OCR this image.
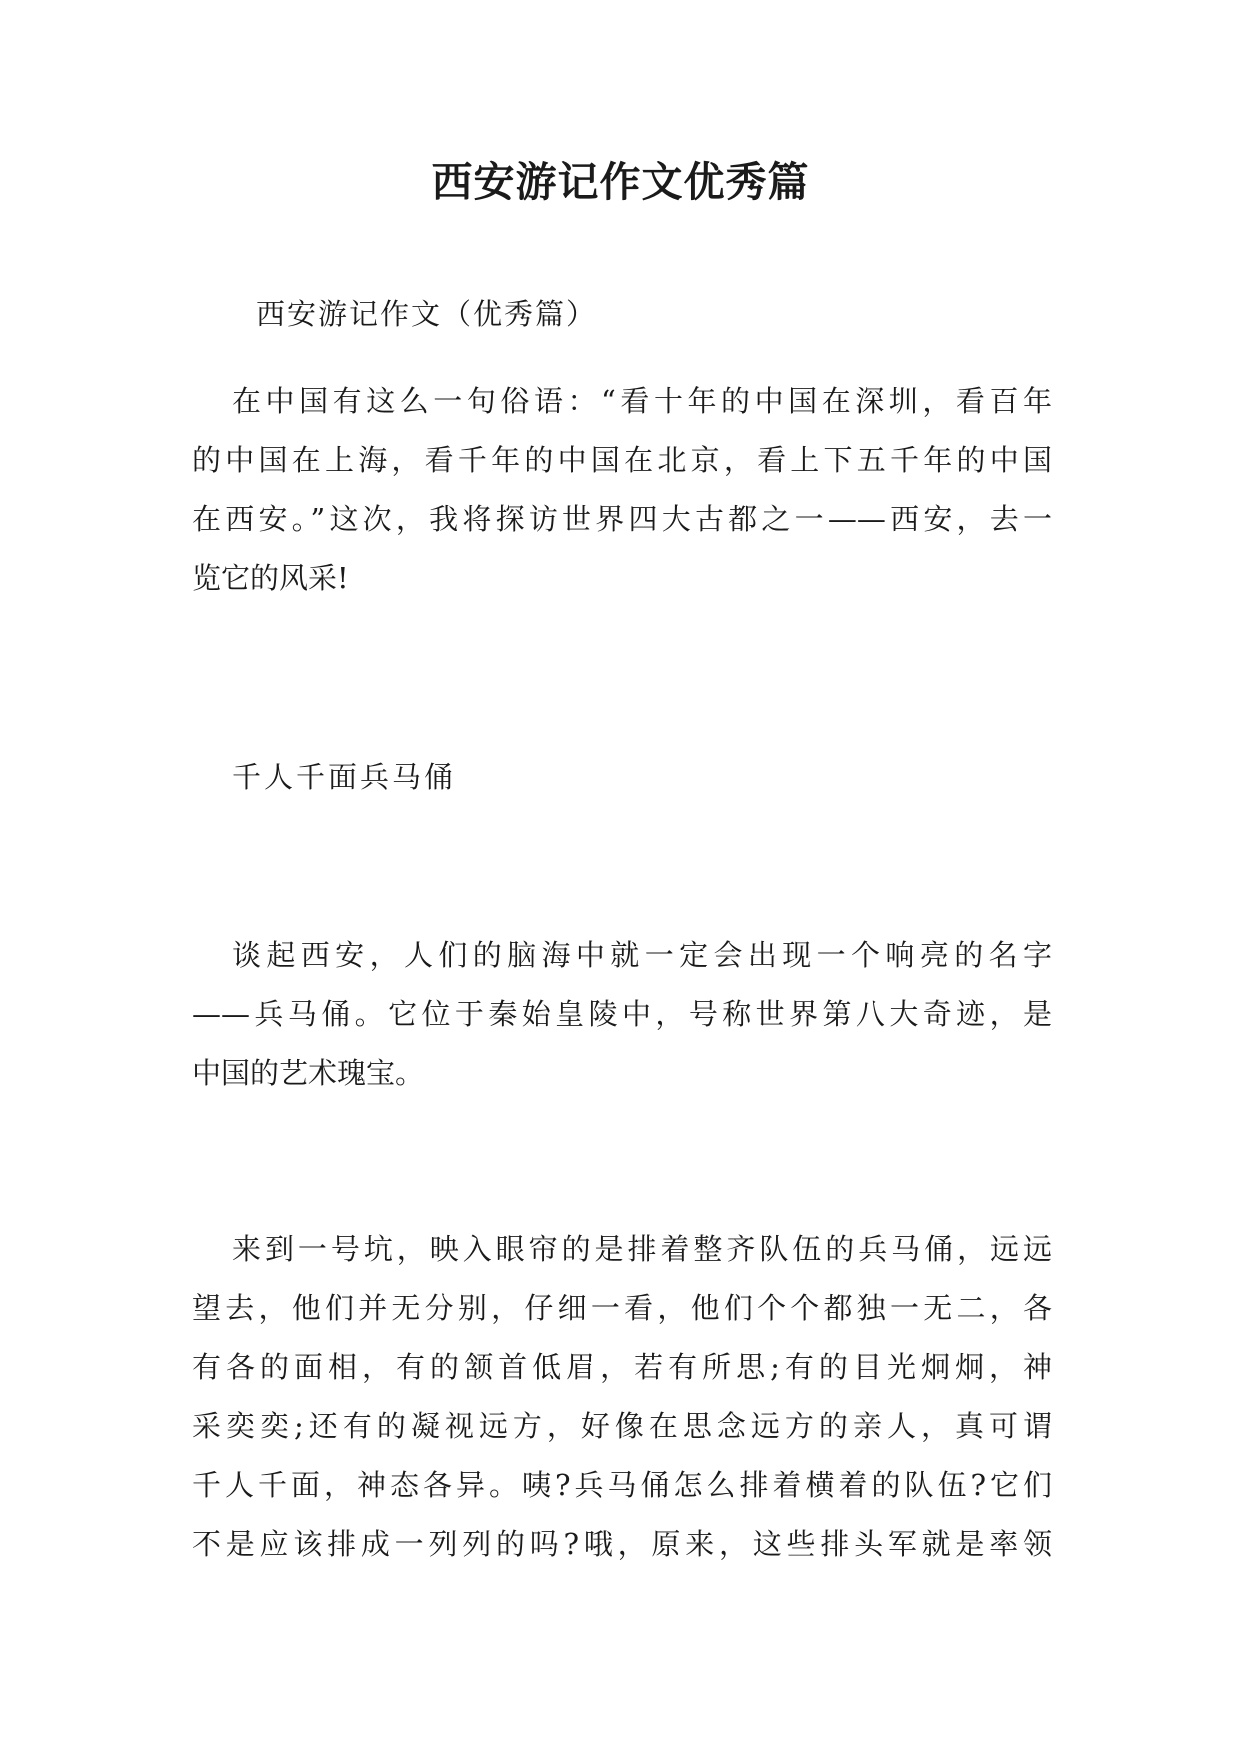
西安游记作文优秀篇

西安游记作文（优秀篇）

在中国有这么一句俗语：“看十年的中国在深圳，看百年
的中国在上海，看千年的中国在北京，看上下五千年的中国
在西安。”这次，我将探访世界四大古都之一——西安，去一
览它的风采!

千人千面兵马俑

谈起西安，人们的脑海中就一定会出现一个响亮的名字
——兵马俑。它位于秦始皇陵中，号称世界第八大奇迹，是
中国的艺术瑰宝。

来到一号坑，映入眼帘的是排着整齐队伍的兵马俑，远远
望去，他们并无分别，仔细一看，他们个个都独一无二，各
有各的面相，有的颔首低眉，若有所思;有的目光炯炯，神
采奕奕;还有的凝视远方，好像在思念远方的亲人，真可谓
千人千面，神态各异。咦?兵马俑怎么排着横着的队伍?它们
不是应该排成一列列的吗?哦，原来，这些排头军就是率领
